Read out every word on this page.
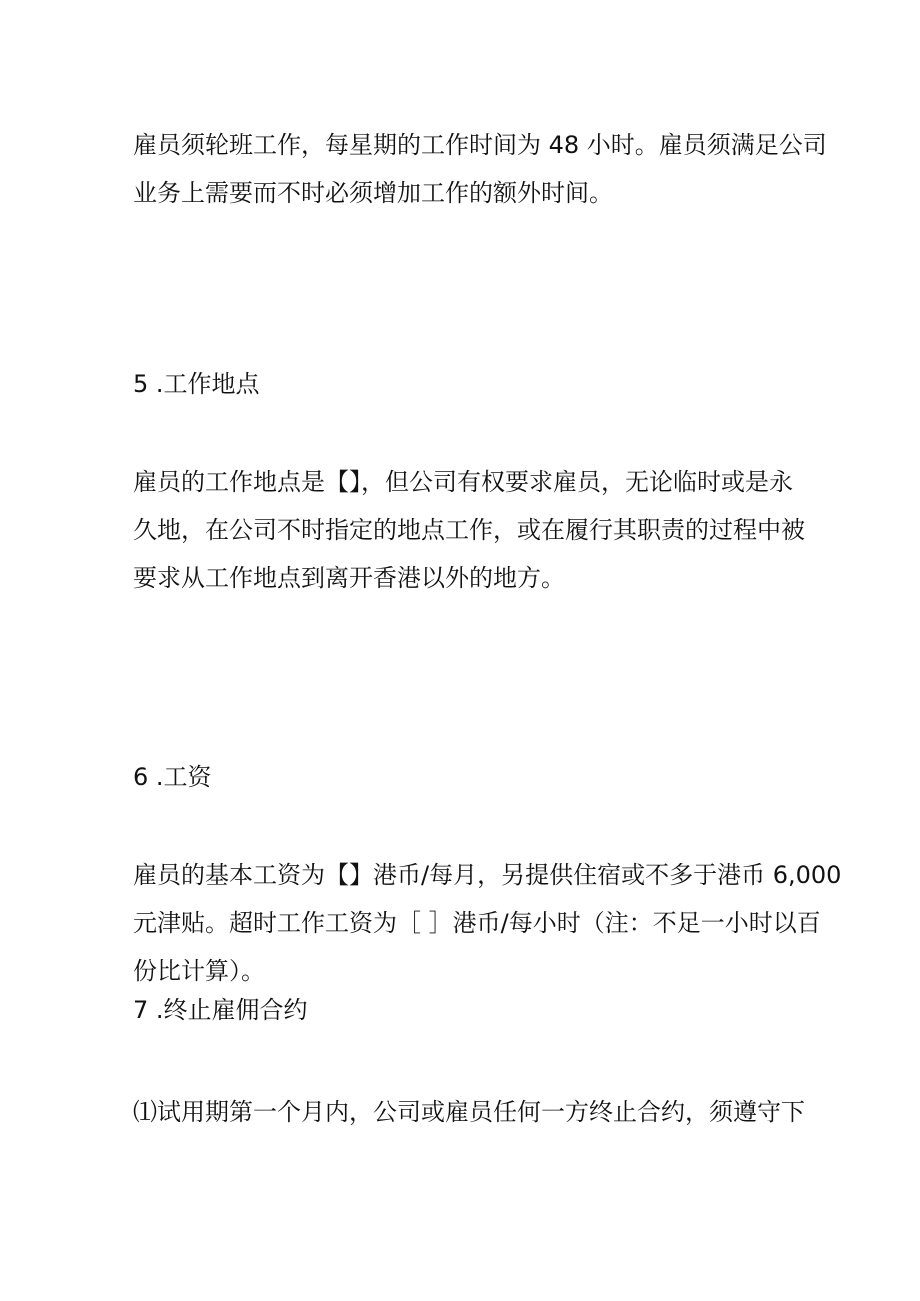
雇员须轮班工作，每星期的工作时间为 48 小时。雇员须满足公司
业务上需要而不时必须增加工作的额外时间。

5 .工作地点

雇员的工作地点是【】，但公司有权要求雇员，无论临时或是永
久地，在公司不时指定的地点工作，或在履行其职责的过程中被
要求从工作地点到离开香港以外的地方。

6 .工资

雇员的基本工资为【】港币/每月，另提供住宿或不多于港币 6,000
元津贴。超时工作工资为［ ］港币/每小时（注：不足一小时以百
份比计算）。

7 .终止雇佣合约

⑴试用期第一个月内，公司或雇员任何一方终止合约，须遵守下
